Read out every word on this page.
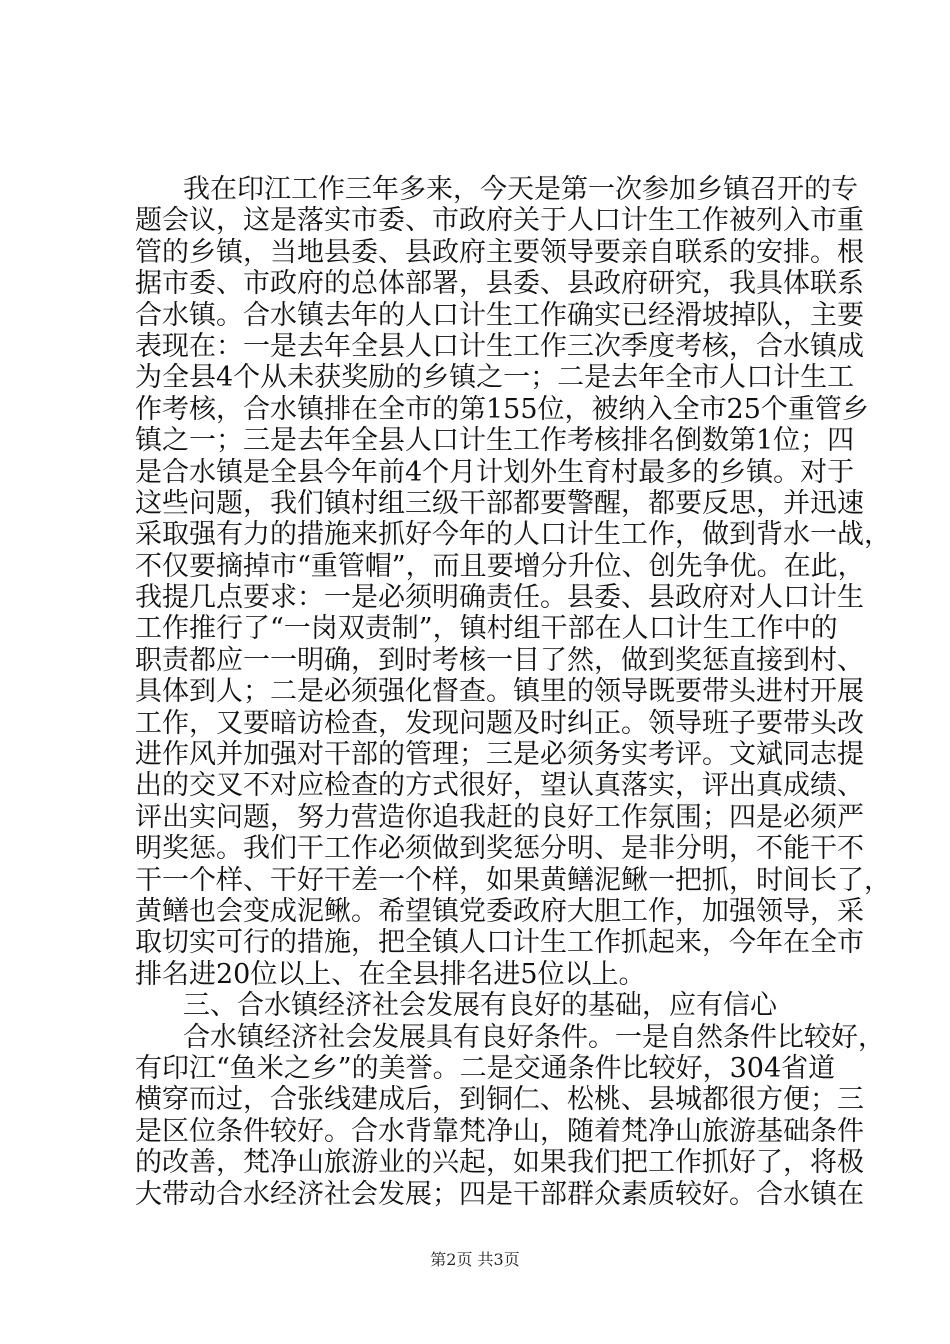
我在印江工作三年多来，今天是第一次参加乡镇召开的专
题会议，这是落实市委、市政府关于人口计生工作被列入市重
管的乡镇，当地县委、县政府主要领导要亲自联系的安排。根
据市委、市政府的总体部署，县委、县政府研究，我具体联系
合水镇。合水镇去年的人口计生工作确实已经滑坡掉队，主要
表现在：一是去年全县人口计生工作三次季度考核，合水镇成
为全县4个从未获奖励的乡镇之一；二是去年全市人口计生工
作考核，合水镇排在全市的第155位，被纳入全市25个重管乡
镇之一；三是去年全县人口计生工作考核排名倒数第1位；四
是合水镇是全县今年前4个月计划外生育村最多的乡镇。对于
这些问题，我们镇村组三级干部都要警醒，都要反思，并迅速
采取强有力的措施来抓好今年的人口计生工作，做到背水一战，
不仅要摘掉市“重管帽”，而且要增分升位、创先争优。在此，
我提几点要求：一是必须明确责任。县委、县政府对人口计生
工作推行了“一岗双责制”，镇村组干部在人口计生工作中的
职责都应一一明确，到时考核一目了然，做到奖惩直接到村、
具体到人；二是必须强化督查。镇里的领导既要带头进村开展
工作，又要暗访检查，发现问题及时纠正。领导班子要带头改
进作风并加强对干部的管理；三是必须务实考评。文斌同志提
出的交叉不对应检查的方式很好，望认真落实，评出真成绩、
评出实问题，努力营造你追我赶的良好工作氛围；四是必须严
明奖惩。我们干工作必须做到奖惩分明、是非分明，不能干不
干一个样、干好干差一个样，如果黄鳝泥鳅一把抓，时间长了，
黄鳝也会变成泥鳅。希望镇党委政府大胆工作，加强领导，采
取切实可行的措施，把全镇人口计生工作抓起来，今年在全市
排名进20位以上、在全县排名进5位以上。
三、合水镇经济社会发展有良好的基础，应有信心
合水镇经济社会发展具有良好条件。一是自然条件比较好，
有印江“鱼米之乡”的美誉。二是交通条件比较好，304省道
横穿而过，合张线建成后，到铜仁、松桃、县城都很方便；三
是区位条件较好。合水背靠梵净山，随着梵净山旅游基础条件
的改善，梵净山旅游业的兴起，如果我们把工作抓好了，将极
大带动合水经济社会发展；四是干部群众素质较好。合水镇在
第2页 共3页
